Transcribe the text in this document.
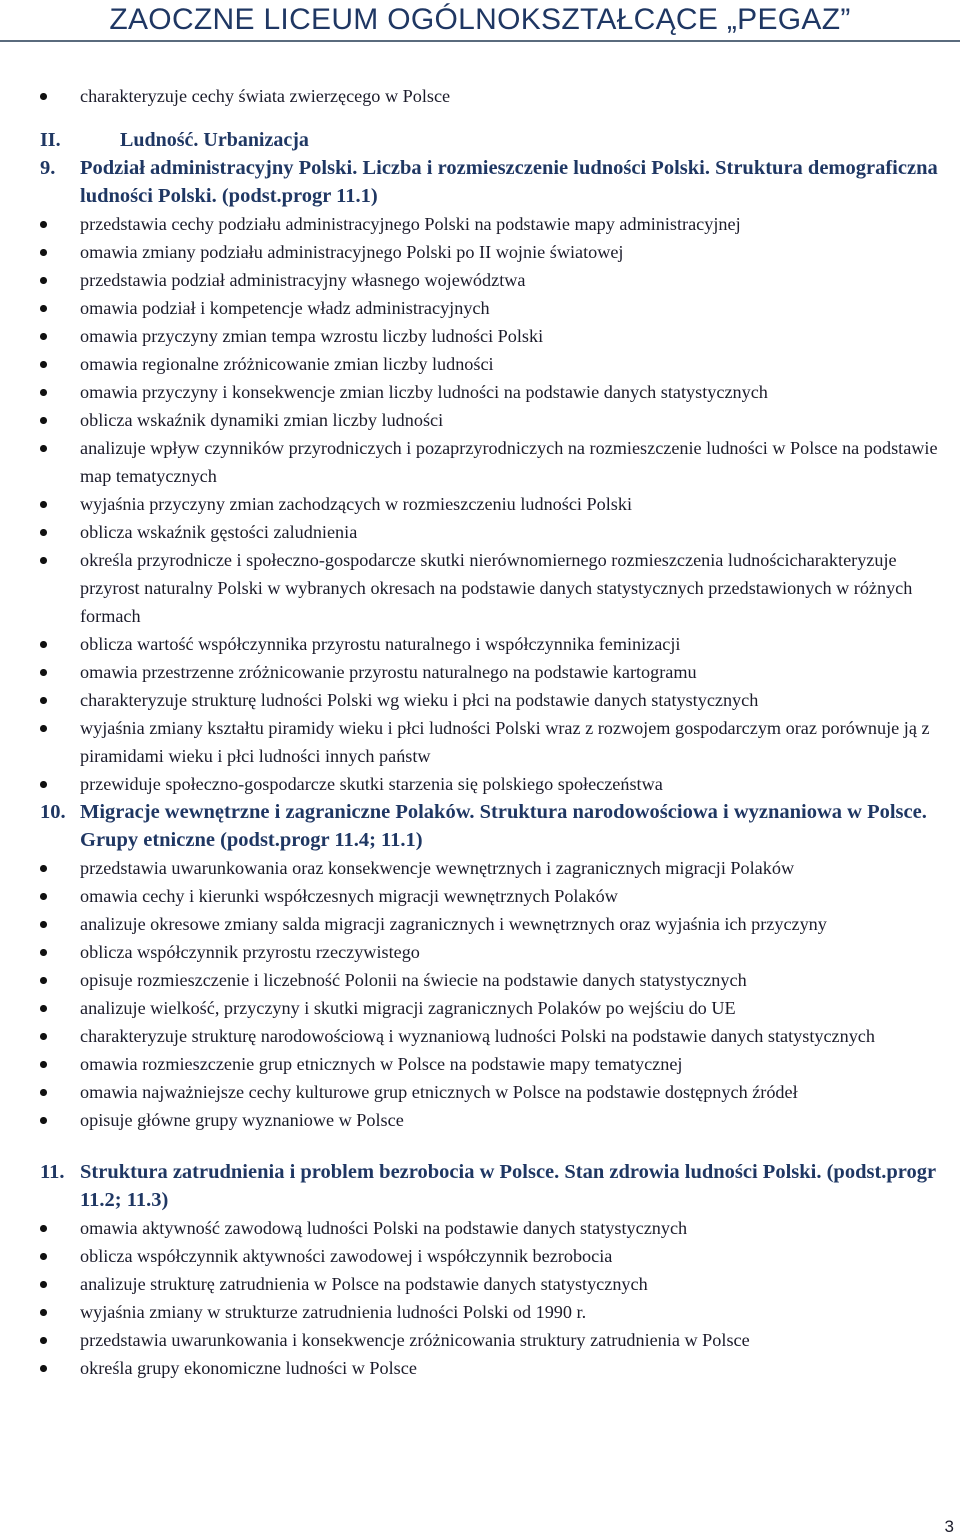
ZAOCZNE LICEUM OGÓLNOKSZTAŁCĄCE „PEGAZ”
charakteryzuje cechy świata zwierzęcego w Polsce
II.	Ludność. Urbanizacja
9. Podział administracyjny Polski. Liczba i rozmieszczenie ludności Polski. Struktura demograficzna ludności Polski. (podst.progr 11.1)
przedstawia cechy podziału administracyjnego Polski na podstawie mapy administracyjnej
omawia zmiany podziału administracyjnego Polski po II wojnie światowej
przedstawia podział administracyjny własnego województwa
omawia podział i kompetencje władz administracyjnych
omawia przyczyny zmian tempa wzrostu liczby ludności Polski
omawia regionalne zróżnicowanie zmian liczby ludności
omawia przyczyny i konsekwencje zmian liczby ludności na podstawie danych statystycznych
oblicza wskaźnik dynamiki zmian liczby ludności
analizuje wpływ czynników przyrodniczych i pozaprzyrodniczych na rozmieszczenie ludności w Polsce na podstawie map tematycznych
wyjaśnia przyczyny zmian zachodzących w rozmieszczeniu ludności Polski
oblicza wskaźnik gęstości zaludnienia
określa przyrodnicze i społeczno-gospodarcze skutki nierównomiernego rozmieszczenia ludnościcharakteryzuje przyrost naturalny Polski w wybranych okresach na podstawie danych statystycznych przedstawionych w różnych formach
oblicza wartość współczynnika przyrostu naturalnego i współczynnika feminizacji
omawia przestrzenne zróżnicowanie przyrostu naturalnego na podstawie kartogramu
charakteryzuje strukturę ludności Polski wg wieku i płci na podstawie danych statystycznych
wyjaśnia zmiany kształtu piramidy wieku i płci ludności Polski wraz z rozwojem gospodarczym oraz porównuje ją z piramidami wieku i płci ludności innych państw
przewiduje społeczno-gospodarcze skutki starzenia się polskiego społeczeństwa
10. Migracje wewnętrzne i zagraniczne Polaków. Struktura narodowościowa i wyznaniowa w Polsce. Grupy etniczne (podst.progr 11.4; 11.1)
przedstawia uwarunkowania oraz konsekwencje wewnętrznych i zagranicznych migracji Polaków
omawia cechy i kierunki współczesnych migracji wewnętrznych Polaków
analizuje okresowe zmiany salda migracji zagranicznych i wewnętrznych oraz wyjaśnia ich przyczyny
oblicza współczynnik przyrostu rzeczywistego
opisuje rozmieszczenie i liczebność Polonii na świecie na podstawie danych statystycznych
analizuje wielkość, przyczyny i skutki migracji zagranicznych Polaków po wejściu do UE
charakteryzuje strukturę narodowościową i wyznaniową ludności Polski na podstawie danych statystycznych
omawia rozmieszczenie grup etnicznych w Polsce na podstawie mapy tematycznej
omawia najważniejsze cechy kulturowe grup etnicznych w Polsce na podstawie dostępnych źródeł
opisuje główne grupy wyznaniowe w Polsce
11. Struktura zatrudnienia i problem bezrobocia w Polsce. Stan zdrowia ludności Polski. (podst.progr 11.2; 11.3)
omawia aktywność zawodową ludności Polski na podstawie danych statystycznych
oblicza współczynnik aktywności zawodowej i współczynnik bezrobocia
analizuje strukturę zatrudnienia w Polsce na podstawie danych statystycznych
wyjaśnia zmiany w strukturze zatrudnienia ludności Polski od 1990 r.
przedstawia uwarunkowania i konsekwencje zróżnicowania struktury zatrudnienia w Polsce
określa grupy ekonomiczne ludności w Polsce
3
